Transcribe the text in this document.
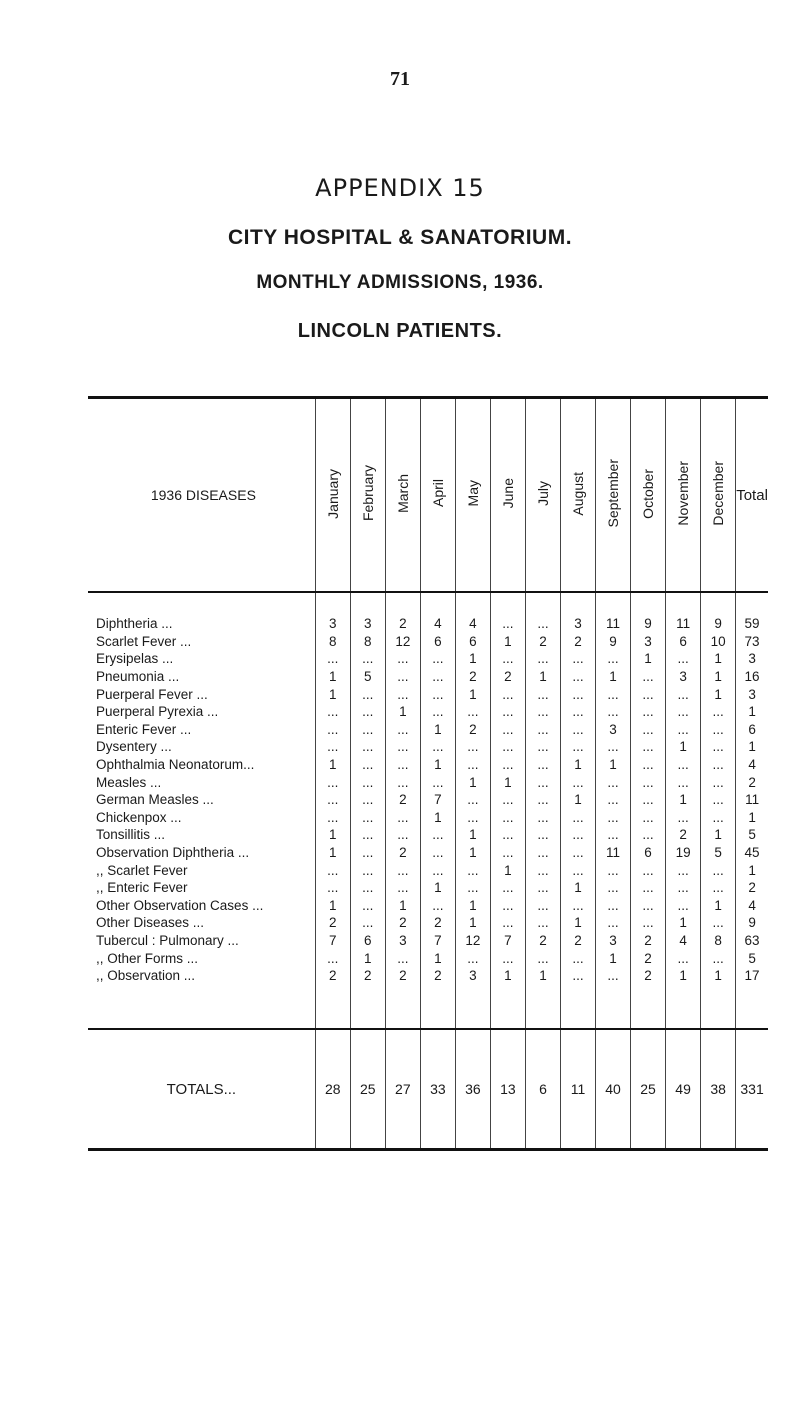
71
APPENDIX 15
CITY HOSPITAL & SANATORIUM.
MONTHLY ADMISSIONS, 1936.
LINCOLN PATIENTS.
1936 DISEASES	January	February	March	April	May	June	July	August	September	October	November	December	Total
Diphtheria ...	3	3	2	4	4	...	...	3	11	9	11	9	59
Scarlet Fever ...	8	8	12	6	6	1	2	2	9	3	6	10	73
Erysipelas ...	...	...	...	...	1	...	...	...	...	1	...	1	3
Pneumonia ...	1	5	...	...	2	2	1	...	1	...	3	1	16
Puerperal Fever ...	1	...	...	...	1	...	...	...	...	...	...	1	3
Puerperal Pyrexia ...	...	...	1	...	...	...	...	...	...	...	...	...	1
Enteric Fever ...	...	...	...	1	2	...	...	...	3	...	...	...	6
Dysentery ...	...	...	...	...	...	...	...	...	...	...	1	...	1
Ophthalmia Neonatorum...	1	...	...	1	...	...	...	1	1	...	...	...	4
Measles ...	...	...	...	...	1	1	...	...	...	...	...	...	2
German Measles ...	...	...	2	7	...	...	...	1	...	...	1	...	11
Chickenpox ...	...	...	...	1	...	...	...	...	...	...	...	...	1
Tonsillitis ...	1	...	...	...	1	...	...	...	...	...	2	1	5
Observation Diphtheria ...	1	...	2	...	1	...	...	...	11	6	19	5	45
,, Scarlet Fever	...	...	...	...	...	1	...	...	...	...	...	...	1
,, Enteric Fever	...	...	...	1	...	...	...	1	...	...	...	...	2
Other Observation Cases ...	1	...	1	...	1	...	...	...	...	...	...	1	4
Other Diseases ...	2	...	2	2	1	...	...	1	...	...	1	...	9
Tubercul : Pulmonary ...	7	6	3	7	12	7	2	2	3	2	4	8	63
,, Other Forms ...	...	1	...	1	...	...	...	...	1	2	...	...	5
,, Observation ...	2	2	2	2	3	1	1	...	...	2	1	1	17
TOTALS...	28	25	27	33	36	13	6	11	40	25	49	38	331
